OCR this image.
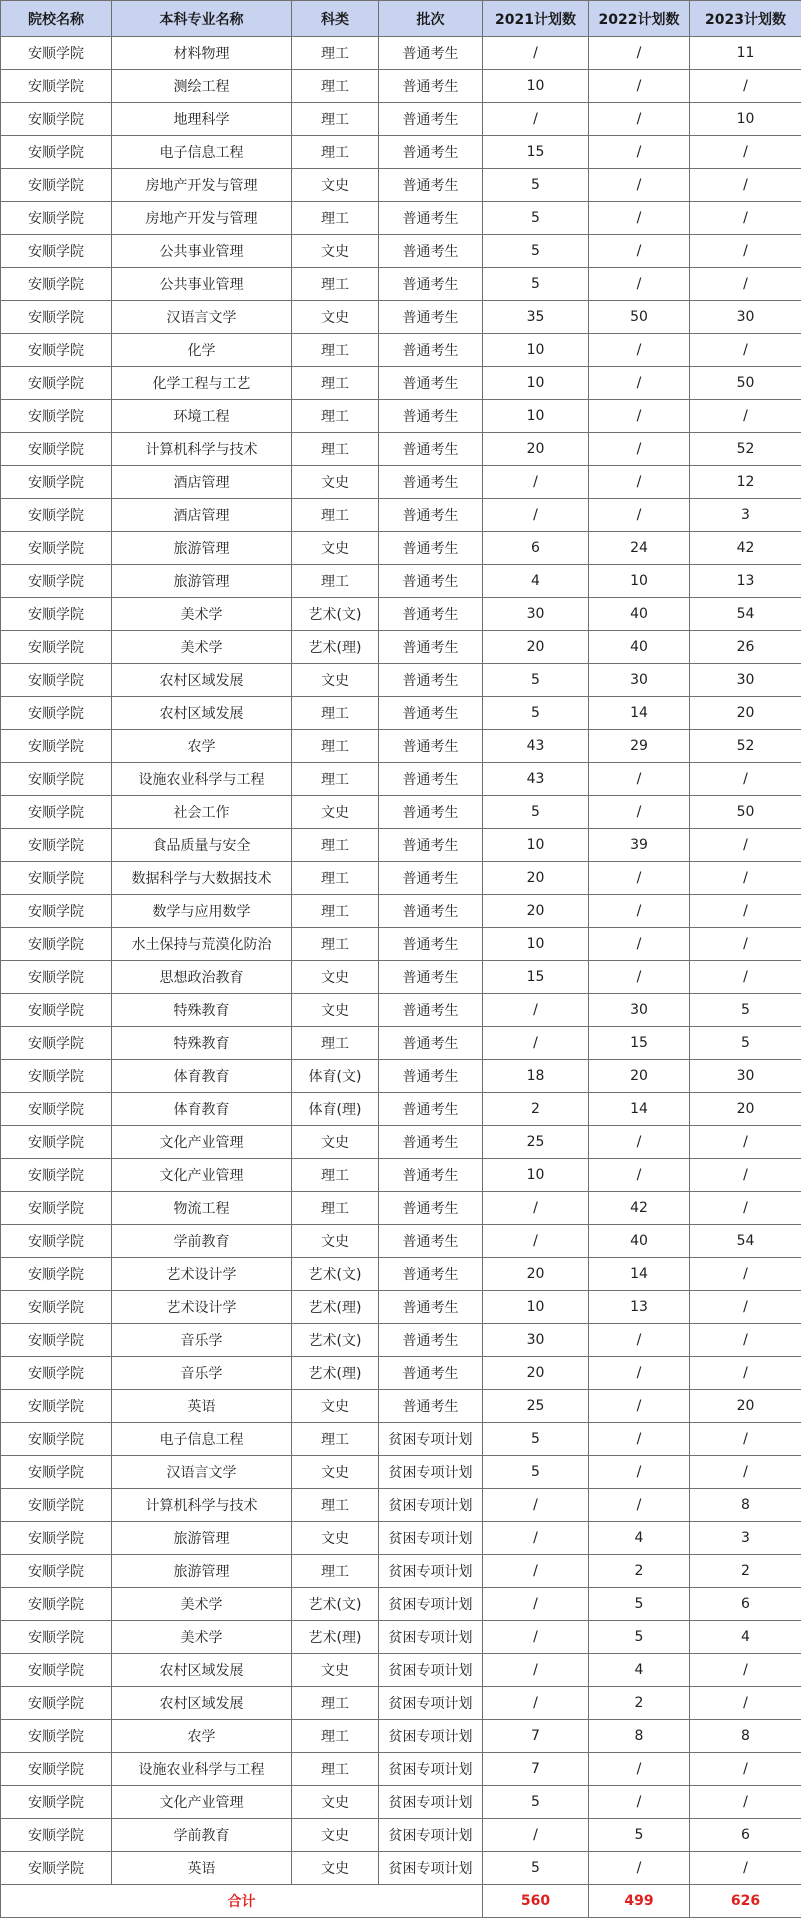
院校名称	本科专业名称	科类	批次	2021计划数	2022计划数	2023计划数
安顺学院	材料物理	理工	普通考生	/	/	11
安顺学院	测绘工程	理工	普通考生	10	/	/
安顺学院	地理科学	理工	普通考生	/	/	10
安顺学院	电子信息工程	理工	普通考生	15	/	/
安顺学院	房地产开发与管理	文史	普通考生	5	/	/
安顺学院	房地产开发与管理	理工	普通考生	5	/	/
安顺学院	公共事业管理	文史	普通考生	5	/	/
安顺学院	公共事业管理	理工	普通考生	5	/	/
安顺学院	汉语言文学	文史	普通考生	35	50	30
安顺学院	化学	理工	普通考生	10	/	/
安顺学院	化学工程与工艺	理工	普通考生	10	/	50
安顺学院	环境工程	理工	普通考生	10	/	/
安顺学院	计算机科学与技术	理工	普通考生	20	/	52
安顺学院	酒店管理	文史	普通考生	/	/	12
安顺学院	酒店管理	理工	普通考生	/	/	3
安顺学院	旅游管理	文史	普通考生	6	24	42
安顺学院	旅游管理	理工	普通考生	4	10	13
安顺学院	美术学	艺术(文)	普通考生	30	40	54
安顺学院	美术学	艺术(理)	普通考生	20	40	26
安顺学院	农村区域发展	文史	普通考生	5	30	30
安顺学院	农村区域发展	理工	普通考生	5	14	20
安顺学院	农学	理工	普通考生	43	29	52
安顺学院	设施农业科学与工程	理工	普通考生	43	/	/
安顺学院	社会工作	文史	普通考生	5	/	50
安顺学院	食品质量与安全	理工	普通考生	10	39	/
安顺学院	数据科学与大数据技术	理工	普通考生	20	/	/
安顺学院	数学与应用数学	理工	普通考生	20	/	/
安顺学院	水土保持与荒漠化防治	理工	普通考生	10	/	/
安顺学院	思想政治教育	文史	普通考生	15	/	/
安顺学院	特殊教育	文史	普通考生	/	30	5
安顺学院	特殊教育	理工	普通考生	/	15	5
安顺学院	体育教育	体育(文)	普通考生	18	20	30
安顺学院	体育教育	体育(理)	普通考生	2	14	20
安顺学院	文化产业管理	文史	普通考生	25	/	/
安顺学院	文化产业管理	理工	普通考生	10	/	/
安顺学院	物流工程	理工	普通考生	/	42	/
安顺学院	学前教育	文史	普通考生	/	40	54
安顺学院	艺术设计学	艺术(文)	普通考生	20	14	/
安顺学院	艺术设计学	艺术(理)	普通考生	10	13	/
安顺学院	音乐学	艺术(文)	普通考生	30	/	/
安顺学院	音乐学	艺术(理)	普通考生	20	/	/
安顺学院	英语	文史	普通考生	25	/	20
安顺学院	电子信息工程	理工	贫困专项计划	5	/	/
安顺学院	汉语言文学	文史	贫困专项计划	5	/	/
安顺学院	计算机科学与技术	理工	贫困专项计划	/	/	8
安顺学院	旅游管理	文史	贫困专项计划	/	4	3
安顺学院	旅游管理	理工	贫困专项计划	/	2	2
安顺学院	美术学	艺术(文)	贫困专项计划	/	5	6
安顺学院	美术学	艺术(理)	贫困专项计划	/	5	4
安顺学院	农村区域发展	文史	贫困专项计划	/	4	/
安顺学院	农村区域发展	理工	贫困专项计划	/	2	/
安顺学院	农学	理工	贫困专项计划	7	8	8
安顺学院	设施农业科学与工程	理工	贫困专项计划	7	/	/
安顺学院	文化产业管理	文史	贫困专项计划	5	/	/
安顺学院	学前教育	文史	贫困专项计划	/	5	6
安顺学院	英语	文史	贫困专项计划	5	/	/
合计				560	499	626
